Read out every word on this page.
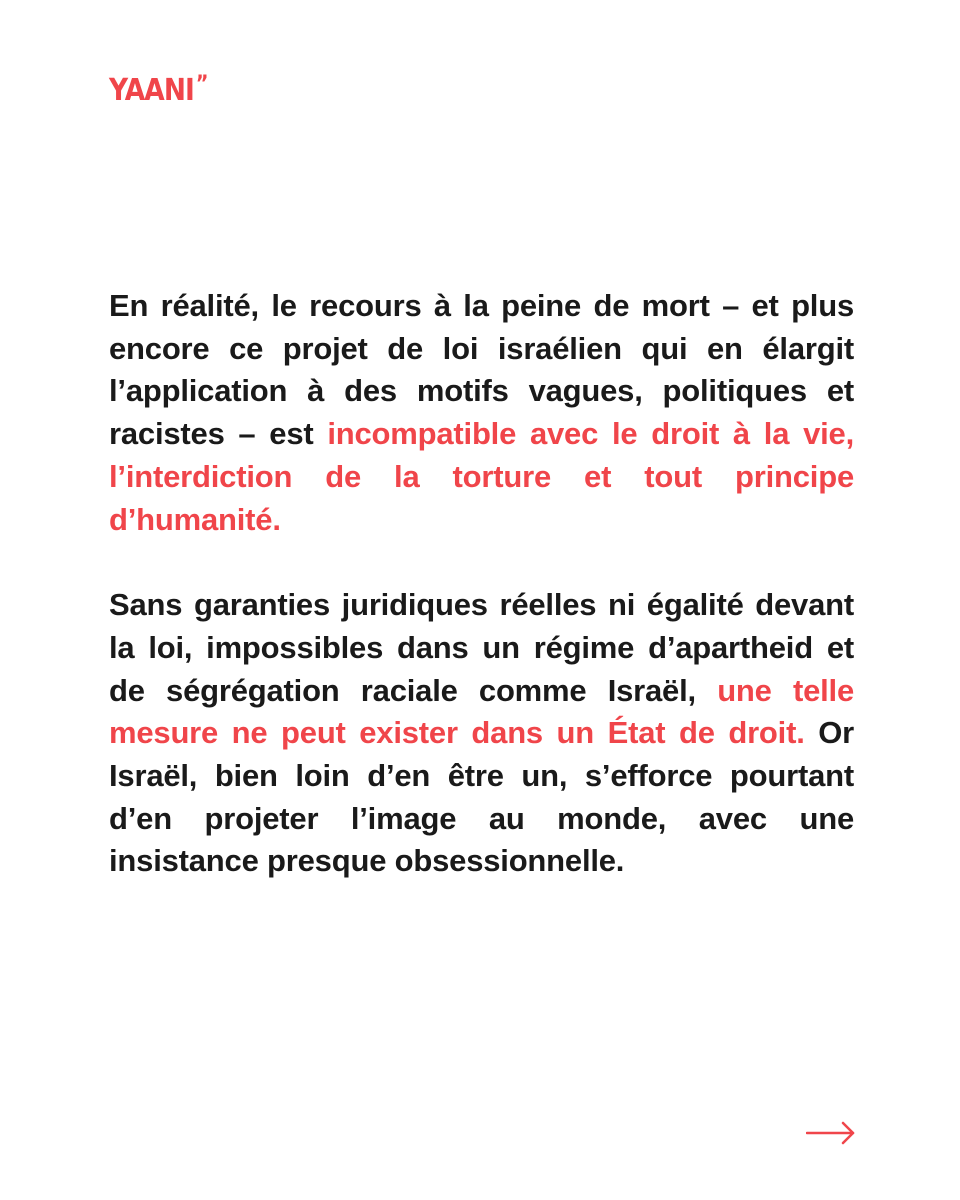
YAANI”

En réalité, le recours à la peine de mort – et plus encore ce projet de loi israélien qui en élargit l’application à des motifs vagues, politiques et racistes – est incompatible avec le droit à la vie, l’interdiction de la torture et tout principe d’humanité.

Sans garanties juridiques réelles ni égalité devant la loi, impossibles dans un régime d’apartheid et de ségrégation raciale comme Israël, une telle mesure ne peut exister dans un État de droit. Or Israël, bien loin d’en être un, s’efforce pourtant d’en projeter l’image au monde, avec une insistance presque obsessionnelle.
